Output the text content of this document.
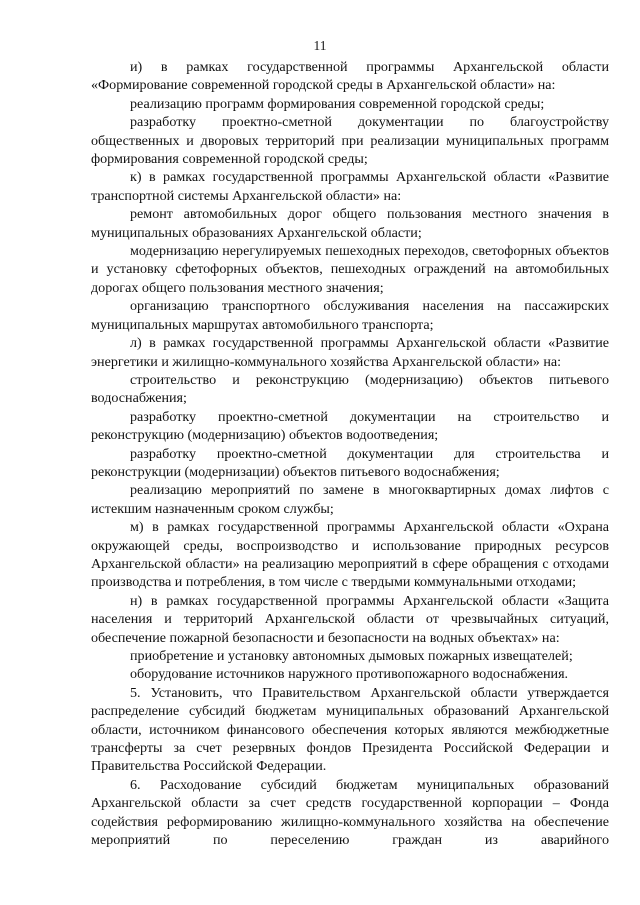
11

и) в рамках государственной программы Архангельской области «Формирование современной городской среды в Архангельской области» на:

реализацию программ формирования современной городской среды;

разработку проектно-сметной документации по благоустройству общественных и дворовых территорий при реализации муниципальных программ формирования современной городской среды;

к) в рамках государственной программы Архангельской области «Развитие транспортной системы Архангельской области» на:

ремонт автомобильных дорог общего пользования местного значения в муниципальных образованиях Архангельской области;

модернизацию нерегулируемых пешеходных переходов, светофорных объектов и установку сфетофорных объектов, пешеходных ограждений на автомобильных дорогах общего пользования местного значения;

организацию транспортного обслуживания населения на пассажирских муниципальных маршрутах автомобильного транспорта;

л) в рамках государственной программы Архангельской области «Развитие энергетики и жилищно-коммунального хозяйства Архангельской области» на:

строительство и реконструкцию (модернизацию) объектов питьевого водоснабжения;

разработку проектно-сметной документации на строительство и реконструкцию (модернизацию) объектов водоотведения;

разработку проектно-сметной документации для строительства и реконструкции (модернизации) объектов питьевого водоснабжения;

реализацию мероприятий по замене в многоквартирных домах лифтов с истекшим назначенным сроком службы;

м) в рамках государственной программы Архангельской области «Охрана окружающей среды, воспроизводство и использование природных ресурсов Архангельской области» на реализацию мероприятий в сфере обращения с отходами производства и потребления, в том числе с твердыми коммунальными отходами;

н) в рамках государственной программы Архангельской области «Защита населения и территорий Архангельской области от чрезвычайных ситуаций, обеспечение пожарной безопасности и безопасности на водных объектах» на:

приобретение и установку автономных дымовых пожарных извещателей;

оборудование источников наружного противопожарного водоснабжения.

5. Установить, что Правительством Архангельской области утверждается распределение субсидий бюджетам муниципальных образований Архангельской области, источником финансового обеспечения которых являются межбюджетные трансферты за счет резервных фондов Президента Российской Федерации и Правительства Российской Федерации.

6. Расходование субсидий бюджетам муниципальных образований Архангельской области за счет средств государственной корпорации – Фонда содействия реформированию жилищно-коммунального хозяйства на обеспечение мероприятий по переселению граждан из аварийного
